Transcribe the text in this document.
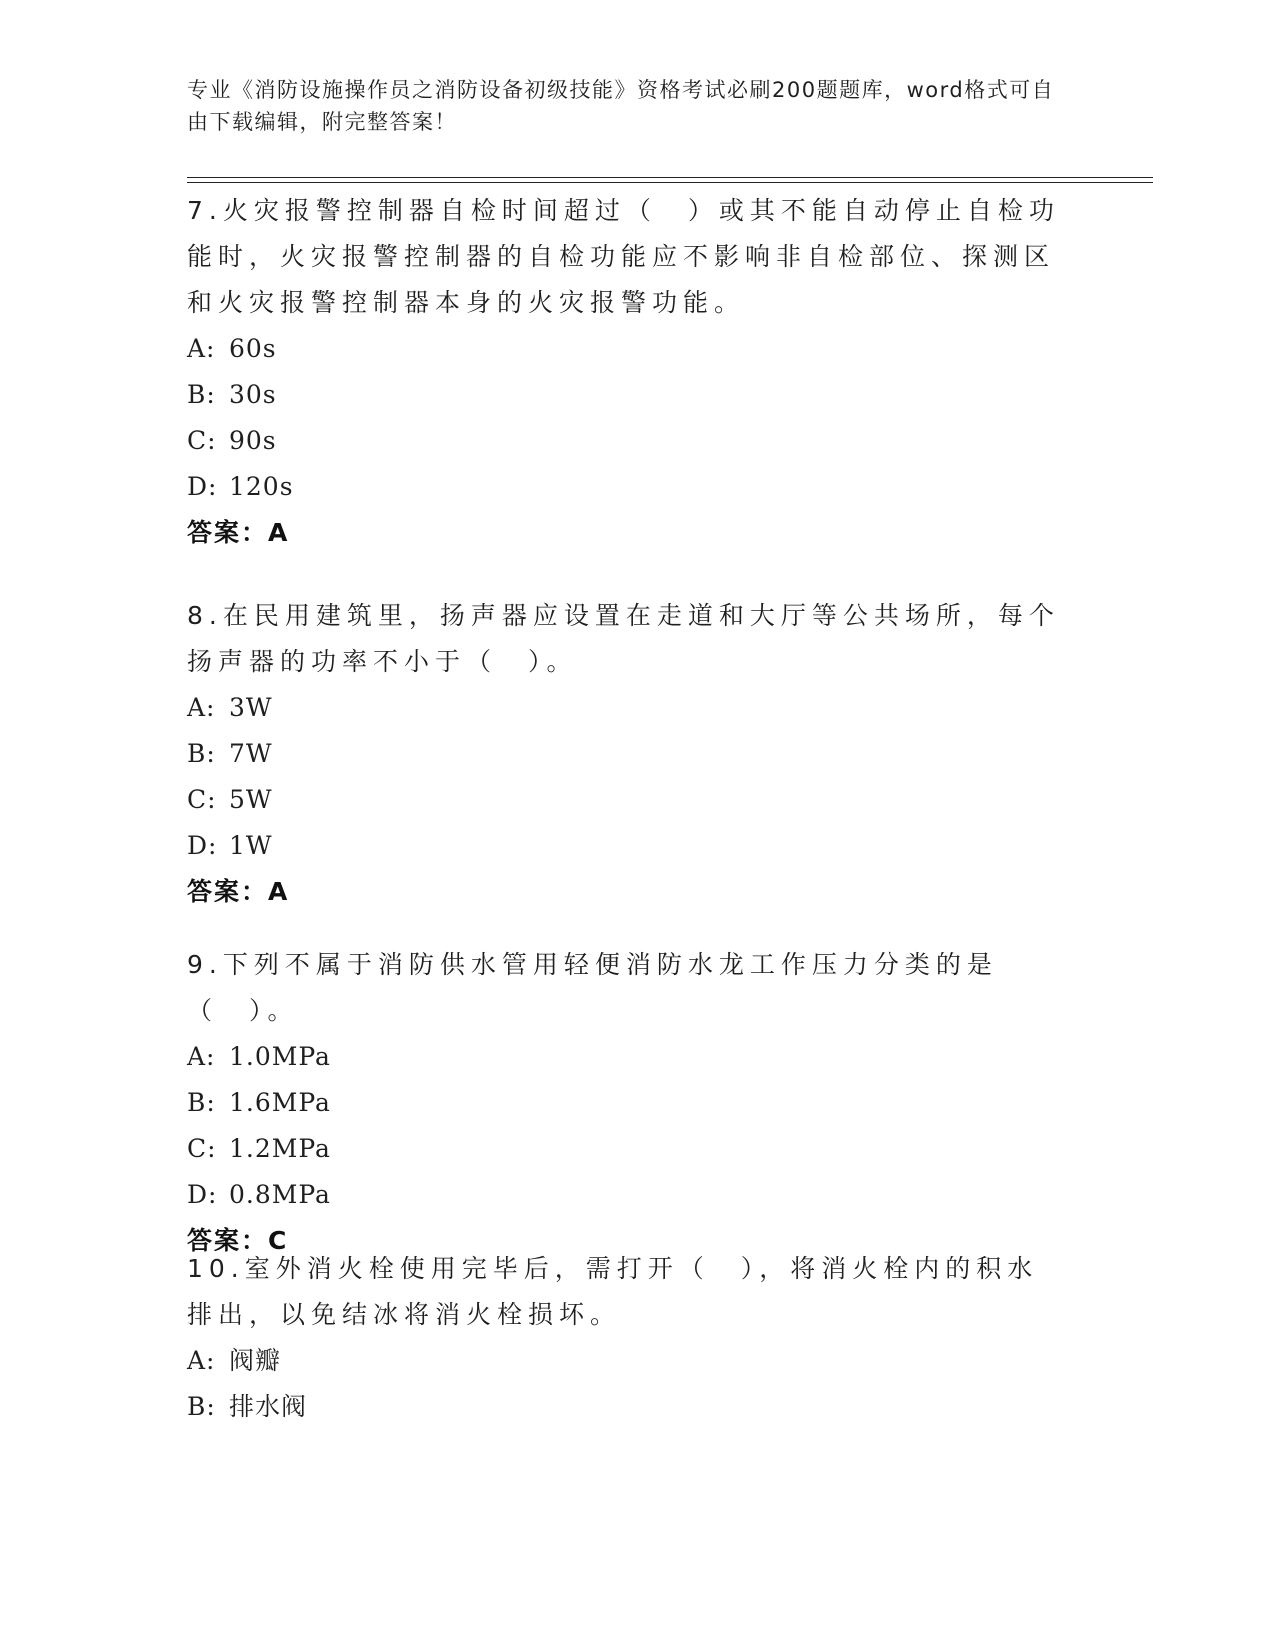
专业《消防设施操作员之消防设备初级技能》资格考试必刷200题题库，word格式可自由下载编辑，附完整答案！

7.火灾报警控制器自检时间超过（　）或其不能自动停止自检功能时，火灾报警控制器的自检功能应不影响非自检部位、探测区和火灾报警控制器本身的火灾报警功能。

A: 60s

B: 30s

C: 90s

D: 120s

答案：A

8.在民用建筑里，扬声器应设置在走道和大厅等公共场所，每个扬声器的功率不小于（　）。

A: 3W

B: 7W

C: 5W

D: 1W

答案：A

9.下列不属于消防供水管用轻便消防水龙工作压力分类的是（　）。

A: 1.0MPa

B: 1.6MPa

C: 1.2MPa

D: 0.8MPa

答案：C

10.室外消火栓使用完毕后，需打开（　），将消火栓内的积水排出，以免结冰将消火栓损坏。

A: 阀瓣

B: 排水阀
